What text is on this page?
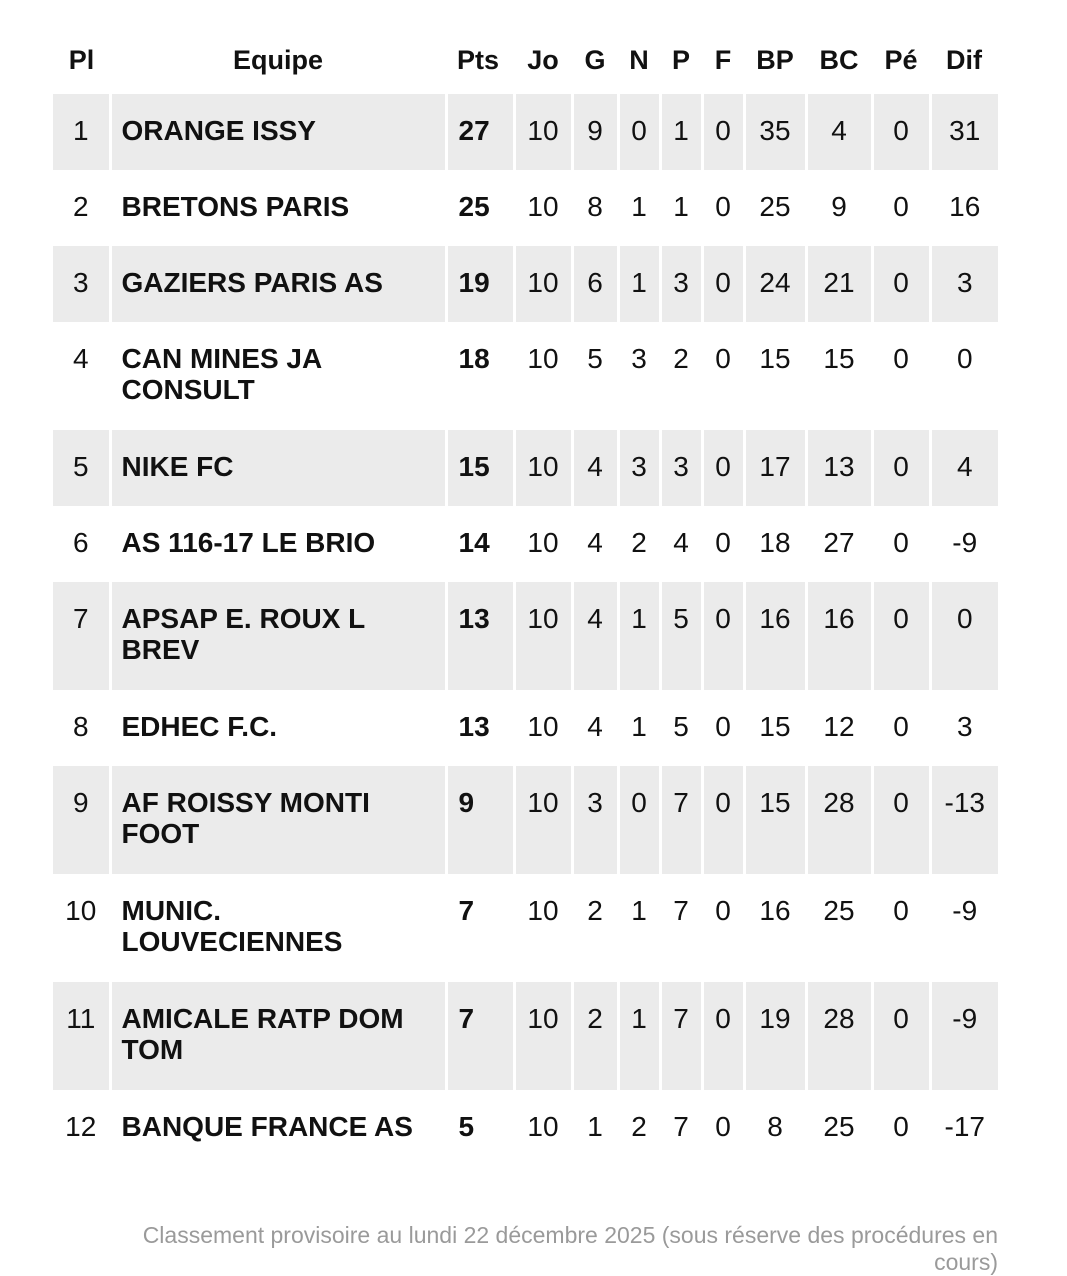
Pl	Equipe	Pts	Jo	G	N	P	F	BP	BC	Pé	Dif
1	ORANGE ISSY	27	10	9	0	1	0	35	4	0	31
2	BRETONS PARIS	25	10	8	1	1	0	25	9	0	16
3	GAZIERS PARIS AS	19	10	6	1	3	0	24	21	0	3
4	CAN MINES JA CONSULT	18	10	5	3	2	0	15	15	0	0
5	NIKE FC	15	10	4	3	3	0	17	13	0	4
6	AS 116-17 LE BRIO	14	10	4	2	4	0	18	27	0	-9
7	APSAP E. ROUX L BREV	13	10	4	1	5	0	16	16	0	0
8	EDHEC F.C.	13	10	4	1	5	0	15	12	0	3
9	AF ROISSY MONTI FOOT	9	10	3	0	7	0	15	28	0	-13
10	MUNIC. LOUVECIENNES	7	10	2	1	7	0	16	25	0	-9
11	AMICALE RATP DOM TOM	7	10	2	1	7	0	19	28	0	-9
12	BANQUE FRANCE AS	5	10	1	2	7	0	8	25	0	-17
Classement provisoire au lundi 22 décembre 2025 (sous réserve des procédures en cours)
